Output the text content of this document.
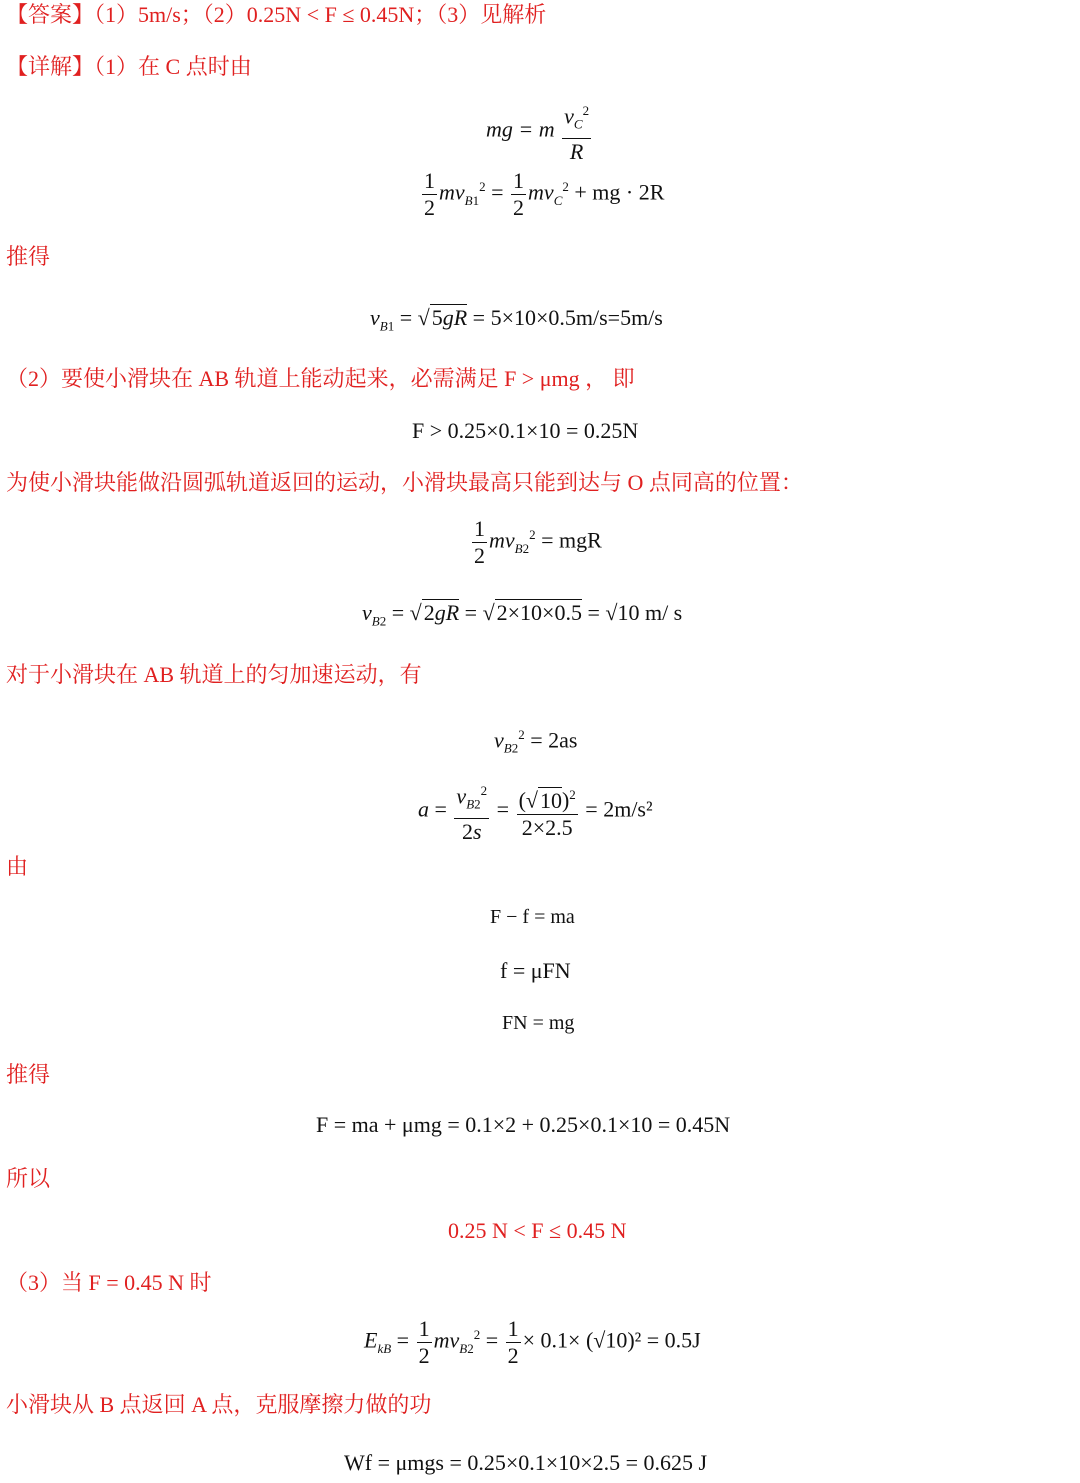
【答案】（1）5m/s；（2）0.25N < F ≤ 0.45N；（3）见解析
【详解】（1）在 C 点时由
mg = m $\frac{v_C^2}{R}$
$\frac{1}{2} mv_{B1}^2 = \frac{1}{2} mv_C^2$ + mg · 2R
推得
$v_{B1} = √5gR = 5\times 10\times 0.5m/s=5m/s$
（2）要使小滑块在 AB 轨道上能动起来，必需满足 F > μmg ， 即
F > 0.25×0.1×10 = 0.25N
为使小滑块能做沿圆弧轨道返回的运动，小滑块最高只能到达与 O 点同高的位置：
$\frac{1}{2} mv_{B2}^2$ = mgR
$v_{B2} = √2gR = √2\times 10\times 0.5 = √10$ m/ s
对于小滑块在 AB 轨道上的匀加速运动，有
$v_{B2}^2 = 2as$
$a = \frac{v_{B2}^2}{2s} = \frac{(√10)^2}{2\times 2.5} = 2m/s^2$
由
F − f = ma
f = μFN
FN = mg
推得
F = ma + μmg = 0.1×2 + 0.25×0.1×10 = 0.45N
所以
0.25 N < F ≤ 0.45 N
（3）当 F = 0.45 N 时
$E_{kB} = \frac{1}{2} mv_{B2}^2 = \frac{1}{2} \times 0.1\times (√10)^2 = 0.5J$
小滑块从 B 点返回 A 点，克服摩擦力做的功
Wf = μmgs = 0.25×0.1×10×2.5 = 0.625 J
